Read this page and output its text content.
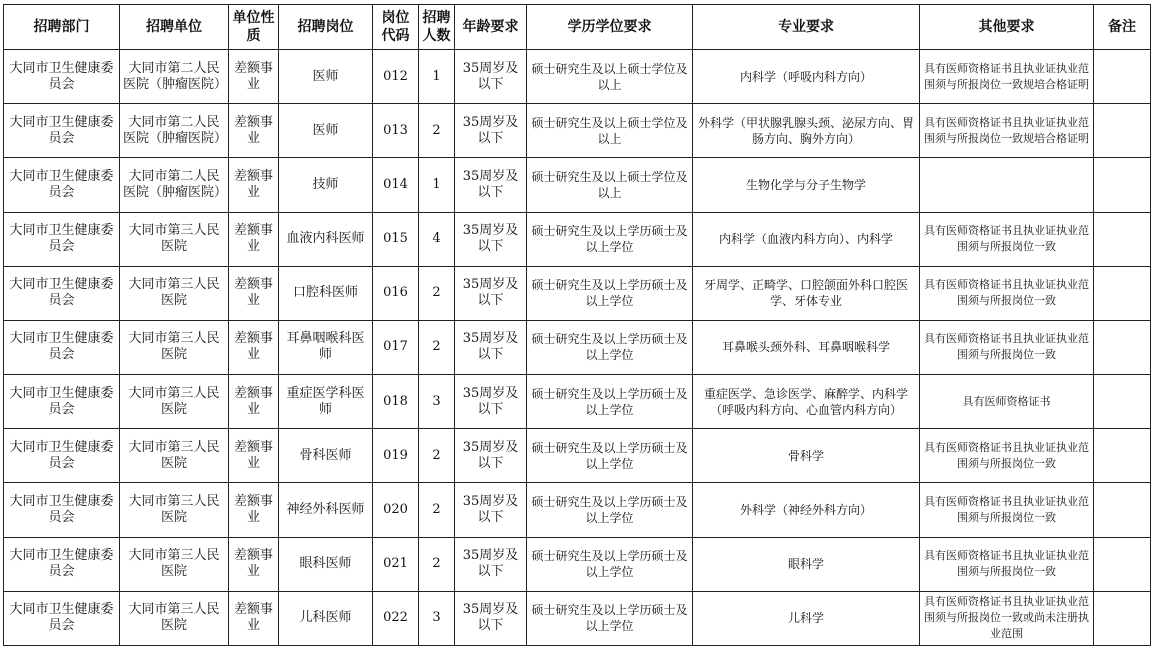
招聘部门	招聘单位	单位性质	招聘岗位	岗位代码	招聘人数	年龄要求	学历学位要求	专业要求	其他要求	备注
大同市卫生健康委员会	大同市第二人民医院（肿瘤医院）	差额事业	医师	012	1	35周岁及以下	硕士研究生及以上硕士学位及以上	内科学（呼吸内科方向）	具有医师资格证书且执业证执业范围须与所报岗位一致规培合格证明	
大同市卫生健康委员会	大同市第二人民医院（肿瘤医院）	差额事业	医师	013	2	35周岁及以下	硕士研究生及以上硕士学位及以上	外科学（甲状腺乳腺头颈、泌尿方向、胃肠方向、胸外方向）	具有医师资格证书且执业证执业范围须与所报岗位一致规培合格证明	
大同市卫生健康委员会	大同市第二人民医院（肿瘤医院）	差额事业	技师	014	1	35周岁及以下	硕士研究生及以上硕士学位及以上	生物化学与分子生物学		
大同市卫生健康委员会	大同市第三人民医院	差额事业	血液内科医师	015	4	35周岁及以下	硕士研究生及以上学历硕士及以上学位	内科学（血液内科方向）、内科学	具有医师资格证书且执业证执业范围须与所报岗位一致	
大同市卫生健康委员会	大同市第三人民医院	差额事业	口腔科医师	016	2	35周岁及以下	硕士研究生及以上学历硕士及以上学位	牙周学、正畸学、口腔颌面外科口腔医学、牙体专业	具有医师资格证书且执业证执业范围须与所报岗位一致	
大同市卫生健康委员会	大同市第三人民医院	差额事业	耳鼻咽喉科医师	017	2	35周岁及以下	硕士研究生及以上学历硕士及以上学位	耳鼻喉头颈外科、耳鼻咽喉科学	具有医师资格证书且执业证执业范围须与所报岗位一致	
大同市卫生健康委员会	大同市第三人民医院	差额事业	重症医学科医师	018	3	35周岁及以下	硕士研究生及以上学历硕士及以上学位	重症医学、急诊医学、麻醉学、内科学（呼吸内科方向、心血管内科方向）	具有医师资格证书	
大同市卫生健康委员会	大同市第三人民医院	差额事业	骨科医师	019	2	35周岁及以下	硕士研究生及以上学历硕士及以上学位	骨科学	具有医师资格证书且执业证执业范围须与所报岗位一致	
大同市卫生健康委员会	大同市第三人民医院	差额事业	神经外科医师	020	2	35周岁及以下	硕士研究生及以上学历硕士及以上学位	外科学（神经外科方向）	具有医师资格证书且执业证执业范围须与所报岗位一致	
大同市卫生健康委员会	大同市第三人民医院	差额事业	眼科医师	021	2	35周岁及以下	硕士研究生及以上学历硕士及以上学位	眼科学	具有医师资格证书且执业证执业范围须与所报岗位一致	
大同市卫生健康委员会	大同市第三人民医院	差额事业	儿科医师	022	3	35周岁及以下	硕士研究生及以上学历硕士及以上学位	儿科学	具有医师资格证书且执业证执业范围须与所报岗位一致或尚未注册执业范围	
